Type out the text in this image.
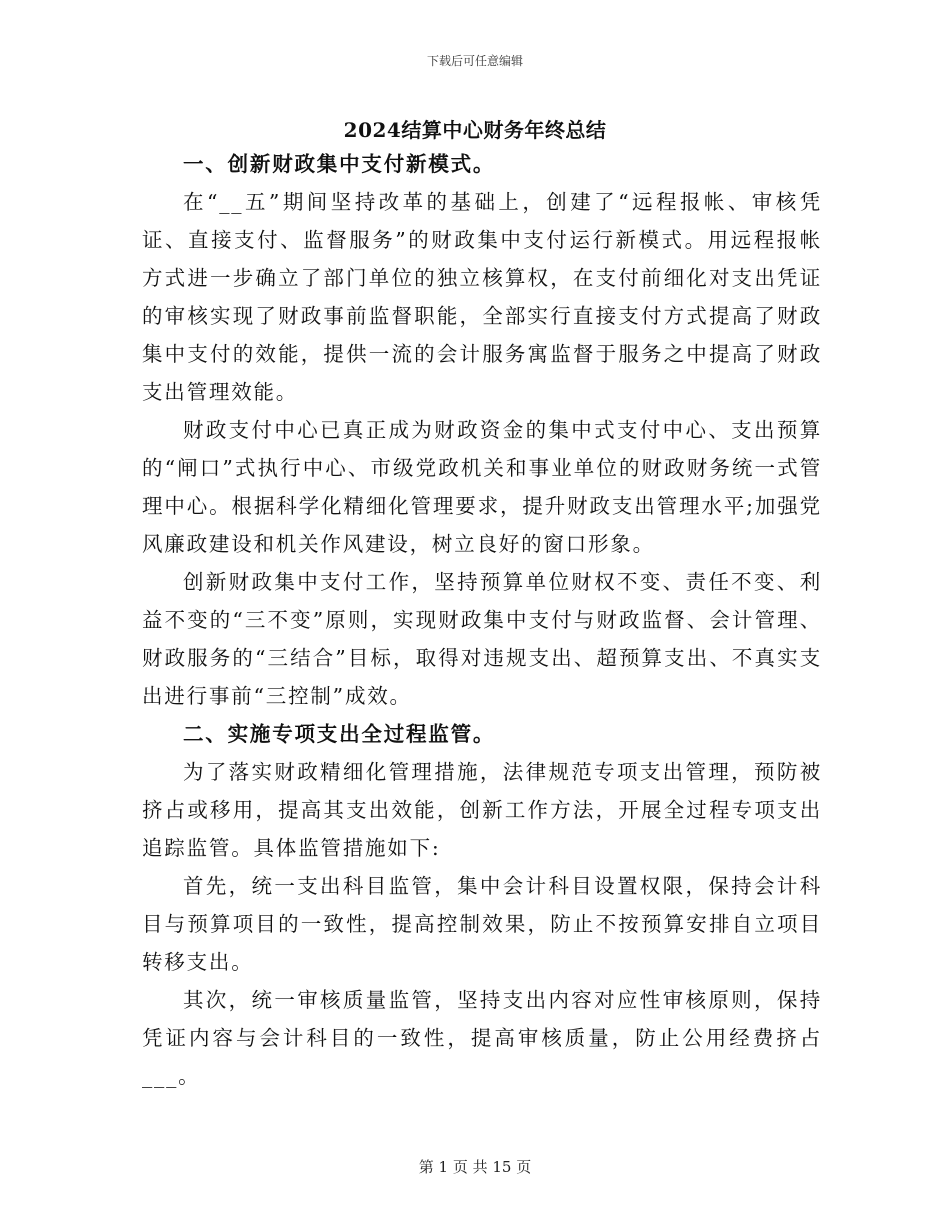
下载后可任意编辑
2024结算中心财务年终总结

一、创新财政集中支付新模式。

在“__五”期间坚持改革的基础上，创建了“远程报帐、审核凭证、直接支付、监督服务”的财政集中支付运行新模式。用远程报帐方式进一步确立了部门单位的独立核算权，在支付前细化对支出凭证的审核实现了财政事前监督职能，全部实行直接支付方式提高了财政集中支付的效能，提供一流的会计服务寓监督于服务之中提高了财政支出管理效能。

财政支付中心已真正成为财政资金的集中式支付中心、支出预算的“闸口”式执行中心、市级党政机关和事业单位的财政财务统一式管理中心。根据科学化精细化管理要求，提升财政支出管理水平;加强党风廉政建设和机关作风建设，树立良好的窗口形象。

创新财政集中支付工作，坚持预算单位财权不变、责任不变、利益不变的“三不变”原则，实现财政集中支付与财政监督、会计管理、财政服务的“三结合”目标，取得对违规支出、超预算支出、不真实支出进行事前“三控制”成效。

二、实施专项支出全过程监管。

为了落实财政精细化管理措施，法律规范专项支出管理，预防被挤占或移用，提高其支出效能，创新工作方法，开展全过程专项支出追踪监管。具体监管措施如下:

首先，统一支出科目监管，集中会计科目设置权限，保持会计科目与预算项目的一致性，提高控制效果，防止不按预算安排自立项目转移支出。

其次，统一审核质量监管，坚持支出内容对应性审核原则，保持凭证内容与会计科目的一致性，提高审核质量，防止公用经费挤占___。

第 1 页 共 15 页
